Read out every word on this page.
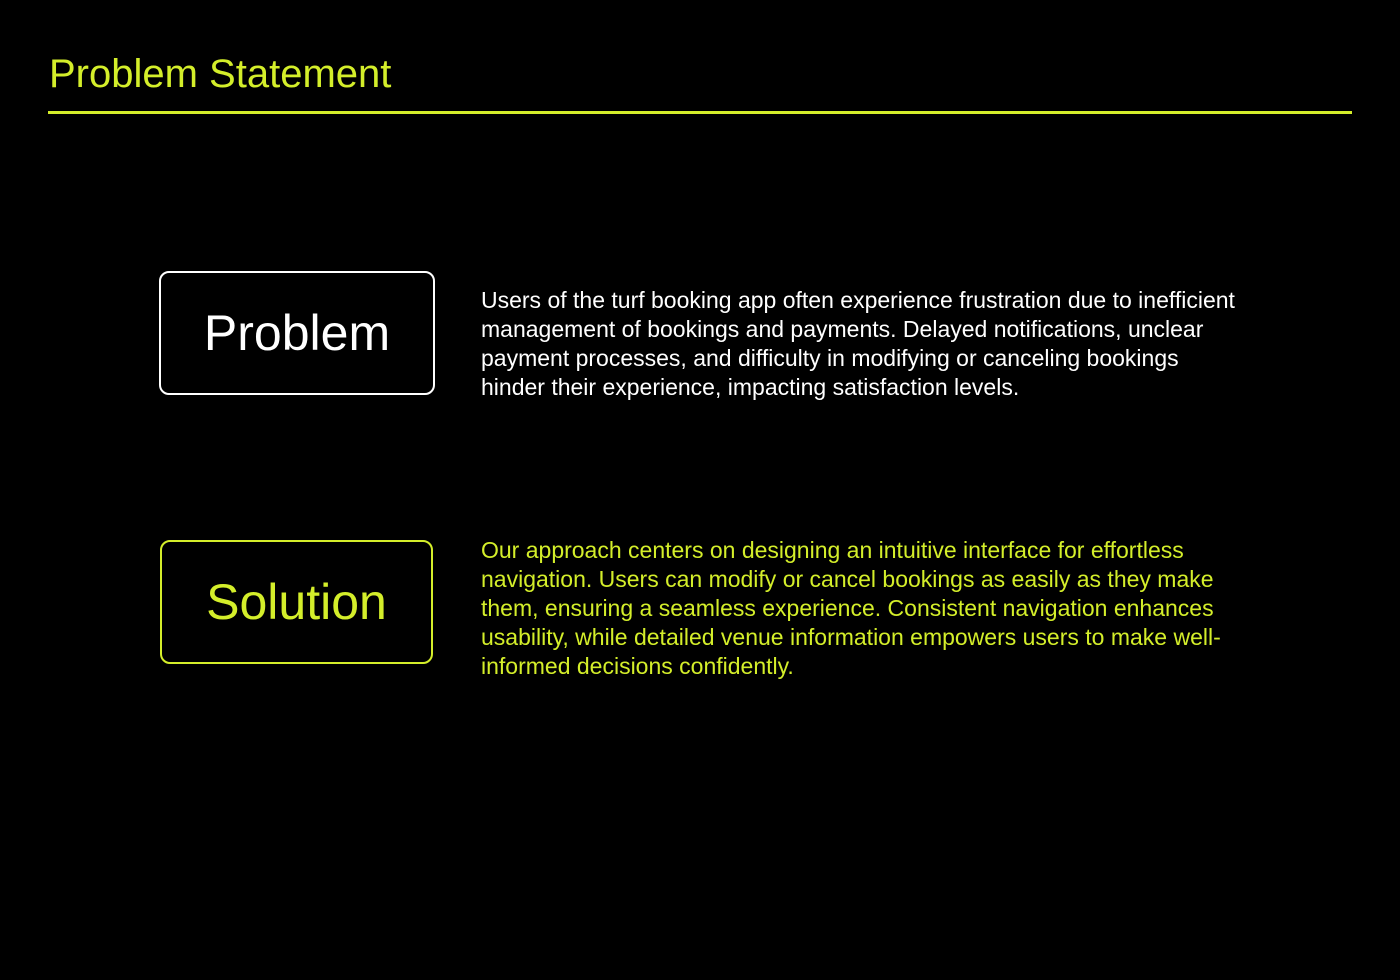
Problem Statement
Problem

Users of the turf booking app often experience frustration due to inefficient management of bookings and payments. Delayed notifications, unclear payment processes, and difficulty in modifying or canceling bookings hinder their experience, impacting satisfaction levels.

Solution

Our approach centers on designing an intuitive interface for effortless navigation. Users can modify or cancel bookings as easily as they make them, ensuring a seamless experience. Consistent navigation enhances usability, while detailed venue information empowers users to make well-informed decisions confidently.
